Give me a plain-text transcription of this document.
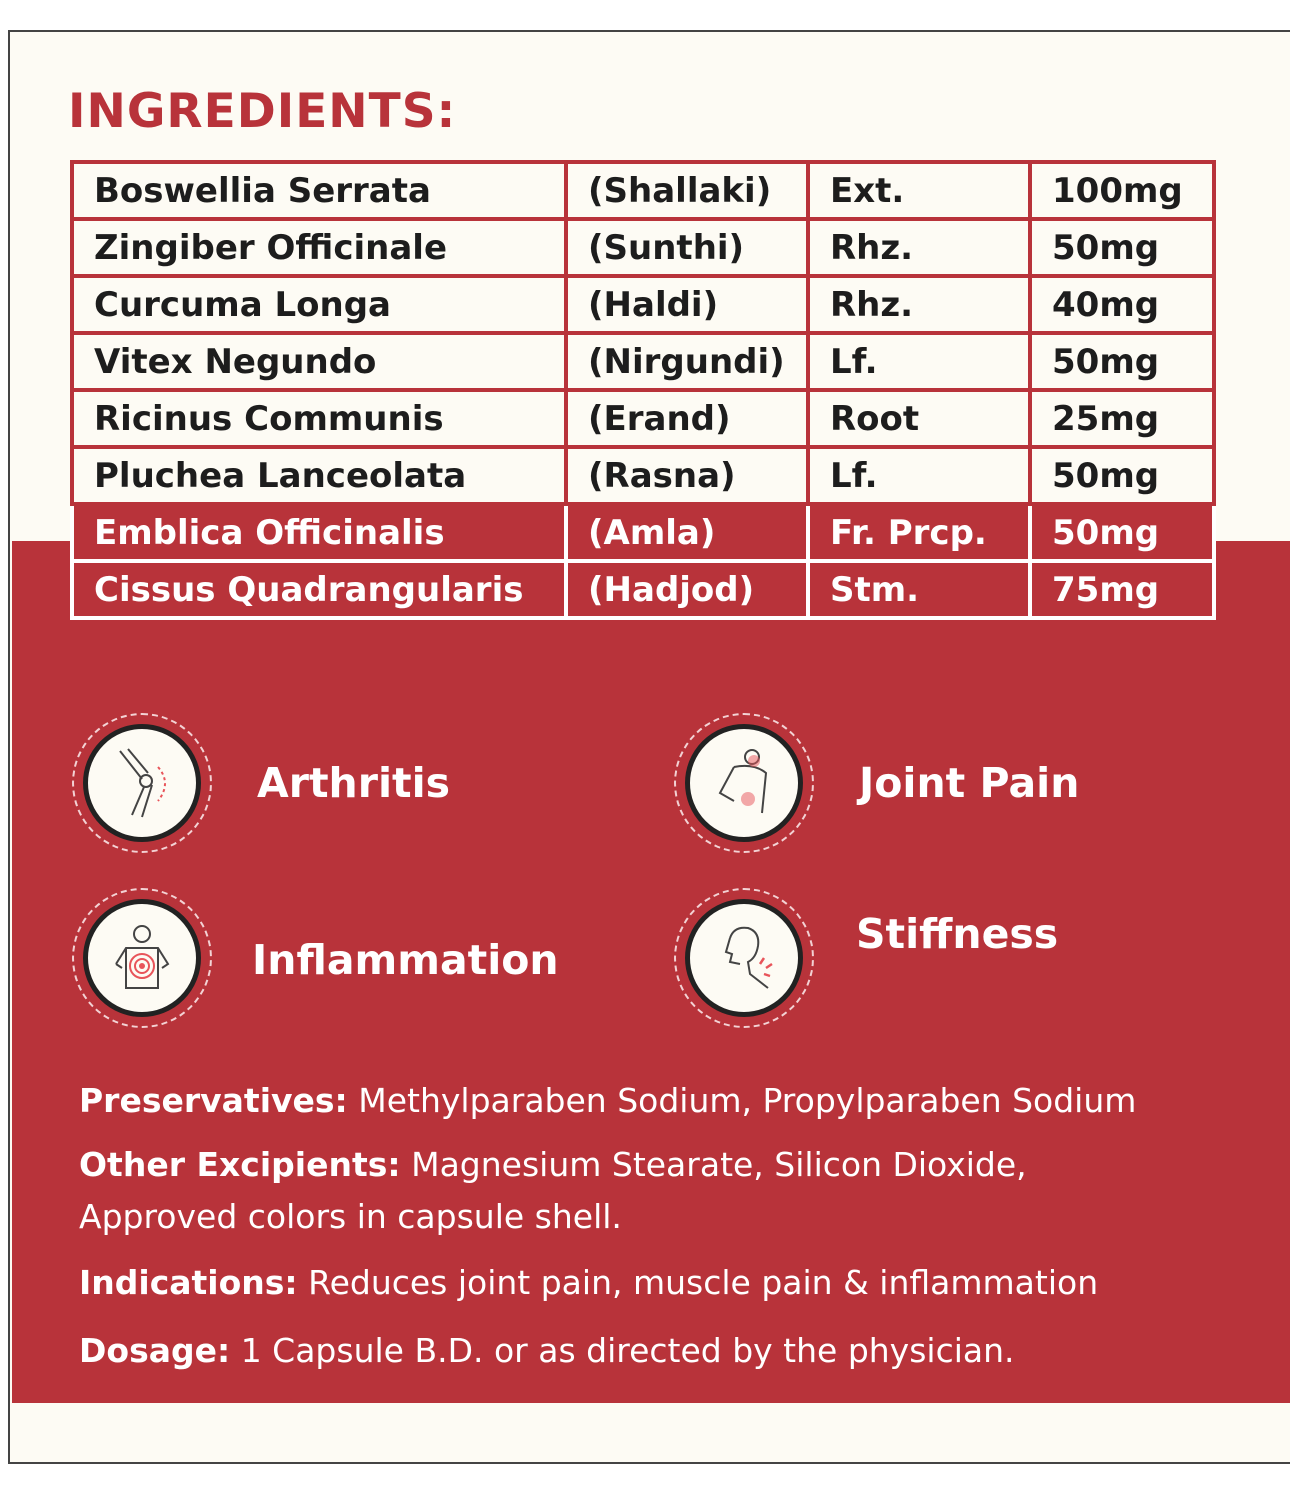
INGREDIENTS:
Boswellia Serrata	(Shallaki)	Ext.	100mg
Zingiber Officinale	(Sunthi)	Rhz.	50mg
Curcuma Longa	(Haldi)	Rhz.	40mg
Vitex Negundo	(Nirgundi)	Lf.	50mg
Ricinus Communis	(Erand)	Root	25mg
Pluchea Lanceolata	(Rasna)	Lf.	50mg
Emblica Officinalis	(Amla)	Fr. Prcp.	50mg
Cissus Quadrangularis	(Hadjod)	Stm.	75mg
Arthritis	Joint Pain
Inflammation
Stiffness

Preservatives: Methylparaben Sodium, Propylparaben Sodium

Other Excipients: Magnesium Stearate, Silicon Dioxide,

Approved colors in capsule shell.

Indications: Reduces joint pain, muscle pain & inflammation

Dosage: 1 Capsule B.D. or as directed by the physician.
